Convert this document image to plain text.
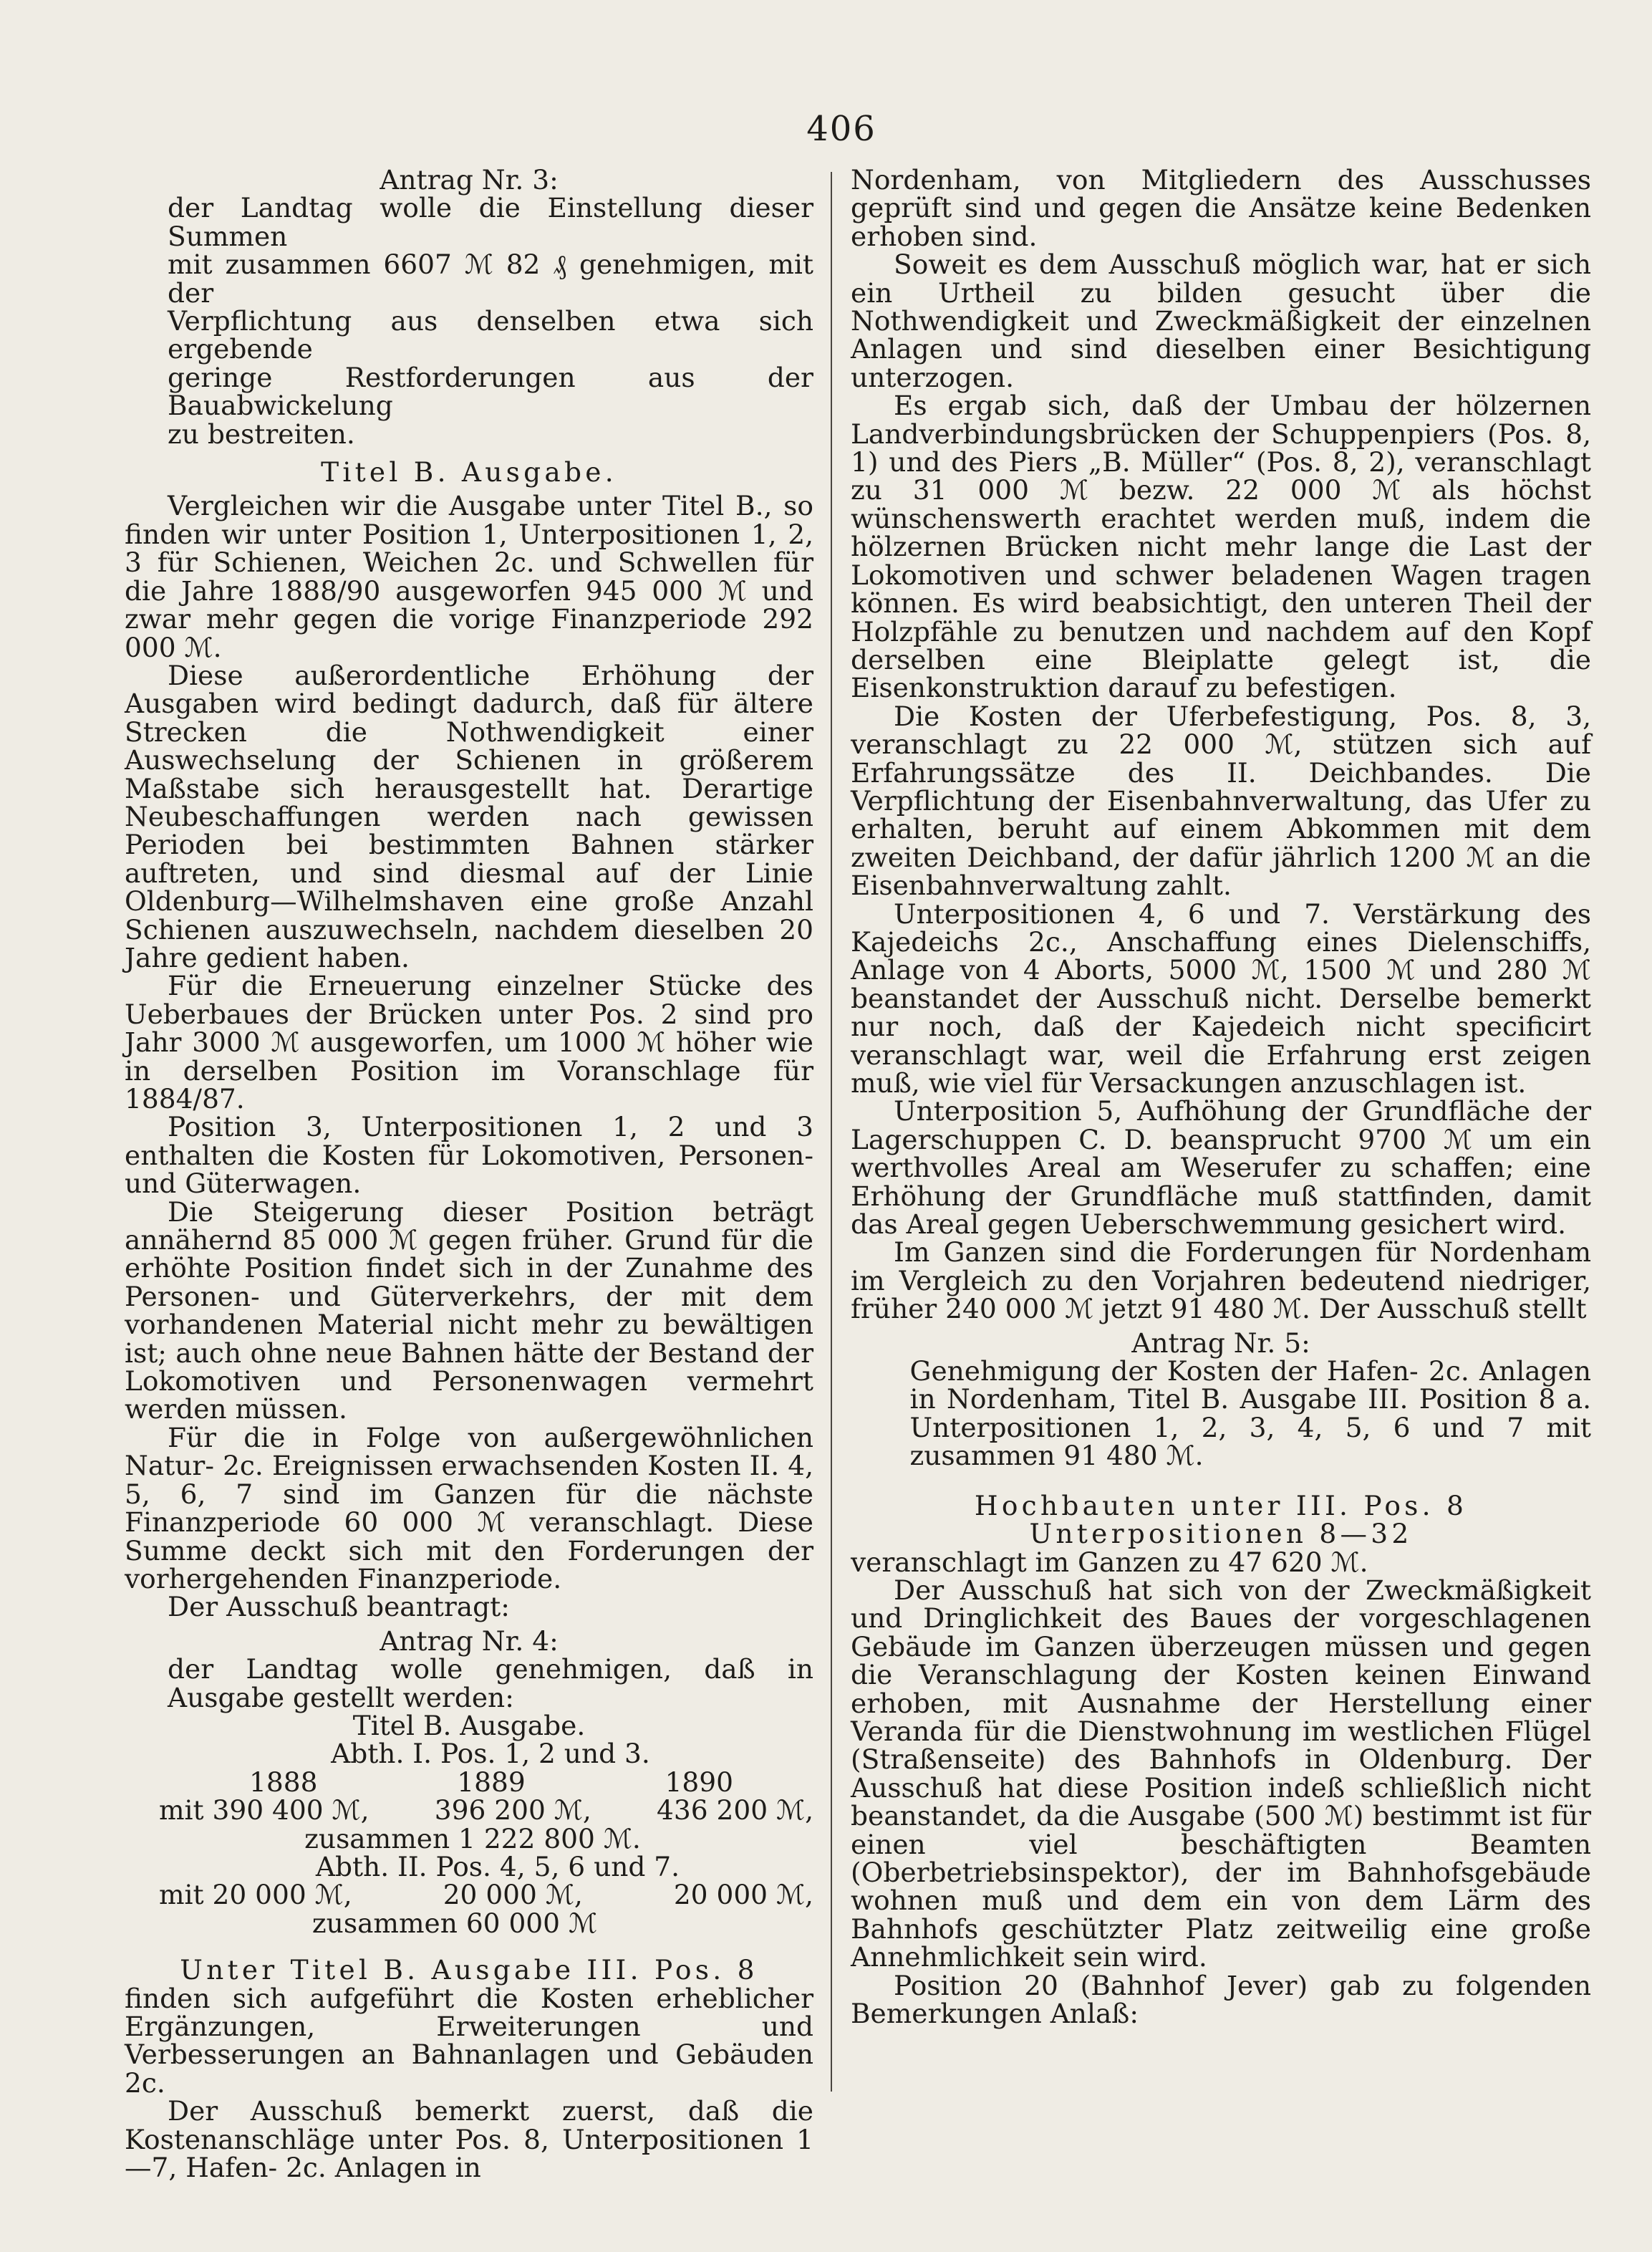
406
Antrag Nr. 3:
der Landtag wolle die Einstellung dieser Summen
mit zusammen 6607 ℳ 82 ₰ genehmigen, mit der
Verpflichtung aus denselben etwa sich ergebende
geringe Restforderungen aus der Bauabwickelung
zu bestreiten.
Titel B. Ausgabe.

Vergleichen wir die Ausgabe unter Titel B., so finden wir unter Position 1, Unterpositionen 1, 2, 3 für Schienen, Weichen 2c. und Schwellen für die Jahre 1888/90 ausgeworfen 945 000 ℳ und zwar mehr gegen die vorige Finanzperiode 292 000 ℳ.

Diese außerordentliche Erhöhung der Ausgaben wird bedingt dadurch, daß für ältere Strecken die Nothwendigkeit einer Auswechselung der Schienen in größerem Maßstabe sich herausgestellt hat. Derartige Neubeschaffungen werden nach gewissen Perioden bei bestimmten Bahnen stärker auftreten, und sind diesmal auf der Linie Oldenburg—Wilhelmshaven eine große Anzahl Schienen auszuwechseln, nachdem dieselben 20 Jahre gedient haben.

Für die Erneuerung einzelner Stücke des Ueberbaues der Brücken unter Pos. 2 sind pro Jahr 3000 ℳ ausgeworfen, um 1000 ℳ höher wie in derselben Position im Voranschlage für 1884/87.

Position 3, Unterpositionen 1, 2 und 3 enthalten die Kosten für Lokomotiven, Personen- und Güterwagen.

Die Steigerung dieser Position beträgt annähernd 85 000 ℳ gegen früher. Grund für die erhöhte Position findet sich in der Zunahme des Personen- und Güterverkehrs, der mit dem vorhandenen Material nicht mehr zu bewältigen ist; auch ohne neue Bahnen hätte der Bestand der Lokomotiven und Personenwagen vermehrt werden müssen.

Für die in Folge von außergewöhnlichen Natur- 2c. Ereignissen erwachsenden Kosten II. 4, 5, 6, 7 sind im Ganzen für die nächste Finanzperiode 60 000 ℳ veranschlagt. Diese Summe deckt sich mit den Forderungen der vorhergehenden Finanzperiode.

Der Ausschuß beantragt:

Antrag Nr. 4:
der Landtag wolle genehmigen, daß in Ausgabe gestellt werden:
Titel B. Ausgabe.
Abth. I. Pos. 1, 2 und 3.
1888	1889	1890
mit 390 400 ℳ, 396 200 ℳ, 436 200 ℳ,
zusammen 1 222 800 ℳ.
Abth. II. Pos. 4, 5, 6 und 7.
mit 20 000 ℳ,	20 000 ℳ,	20 000 ℳ,
zusammen 60 000 ℳ
Unter Titel B. Ausgabe III. Pos. 8

finden sich aufgeführt die Kosten erheblicher Ergänzungen, Erweiterungen und Verbesserungen an Bahnanlagen und Gebäuden 2c.

Der Ausschuß bemerkt zuerst, daß die Kostenanschläge unter Pos. 8, Unterpositionen 1—7, Hafen- 2c. Anlagen in

Nordenham, von Mitgliedern des Ausschusses geprüft sind und gegen die Ansätze keine Bedenken erhoben sind.

Soweit es dem Ausschuß möglich war, hat er sich ein Urtheil zu bilden gesucht über die Nothwendigkeit und Zweckmäßigkeit der einzelnen Anlagen und sind dieselben einer Besichtigung unterzogen.

Es ergab sich, daß der Umbau der hölzernen Landverbindungsbrücken der Schuppenpiers (Pos. 8, 1) und des Piers „B. Müller“ (Pos. 8, 2), veranschlagt zu 31 000 ℳ bezw. 22 000 ℳ als höchst wünschenswerth erachtet werden muß, indem die hölzernen Brücken nicht mehr lange die Last der Lokomotiven und schwer beladenen Wagen tragen können. Es wird beabsichtigt, den unteren Theil der Holzpfähle zu benutzen und nachdem auf den Kopf derselben eine Bleiplatte gelegt ist, die Eisenkonstruktion darauf zu befestigen.

Die Kosten der Uferbefestigung, Pos. 8, 3, veranschlagt zu 22 000 ℳ, stützen sich auf Erfahrungssätze des II. Deichbandes. Die Verpflichtung der Eisenbahnverwaltung, das Ufer zu erhalten, beruht auf einem Abkommen mit dem zweiten Deichband, der dafür jährlich 1200 ℳ an die Eisenbahnverwaltung zahlt.

Unterpositionen 4, 6 und 7. Verstärkung des Kajedeichs 2c., Anschaffung eines Dielenschiffs, Anlage von 4 Aborts, 5000 ℳ, 1500 ℳ und 280 ℳ beanstandet der Ausschuß nicht. Derselbe bemerkt nur noch, daß der Kajedeich nicht specificirt veranschlagt war, weil die Erfahrung erst zeigen muß, wie viel für Versackungen anzuschlagen ist.

Unterposition 5, Aufhöhung der Grundfläche der Lagerschuppen C. D. beansprucht 9700 ℳ um ein werthvolles Areal am Weserufer zu schaffen; eine Erhöhung der Grundfläche muß stattfinden, damit das Areal gegen Ueberschwemmung gesichert wird.

Im Ganzen sind die Forderungen für Nordenham im Vergleich zu den Vorjahren bedeutend niedriger, früher 240 000 ℳ jetzt 91 480 ℳ. Der Ausschuß stellt

Antrag Nr. 5:
Genehmigung der Kosten der Hafen- 2c. Anlagen in Nordenham, Titel B. Ausgabe III. Position 8 a. Unterpositionen 1, 2, 3, 4, 5, 6 und 7 mit zusammen 91 480 ℳ.
Hochbauten unter III. Pos. 8
Unterpositionen 8—32

veranschlagt im Ganzen zu 47 620 ℳ.

Der Ausschuß hat sich von der Zweckmäßigkeit und Dringlichkeit des Baues der vorgeschlagenen Gebäude im Ganzen überzeugen müssen und gegen die Veranschlagung der Kosten keinen Einwand erhoben, mit Ausnahme der Herstellung einer Veranda für die Dienstwohnung im westlichen Flügel (Straßenseite) des Bahnhofs in Oldenburg. Der Ausschuß hat diese Position indeß schließlich nicht beanstandet, da die Ausgabe (500 ℳ) bestimmt ist für einen viel beschäftigten Beamten (Oberbetriebsinspektor), der im Bahnhofsgebäude wohnen muß und dem ein von dem Lärm des Bahnhofs geschützter Platz zeitweilig eine große Annehmlichkeit sein wird.

Position 20 (Bahnhof Jever) gab zu folgenden Bemerkungen Anlaß:
